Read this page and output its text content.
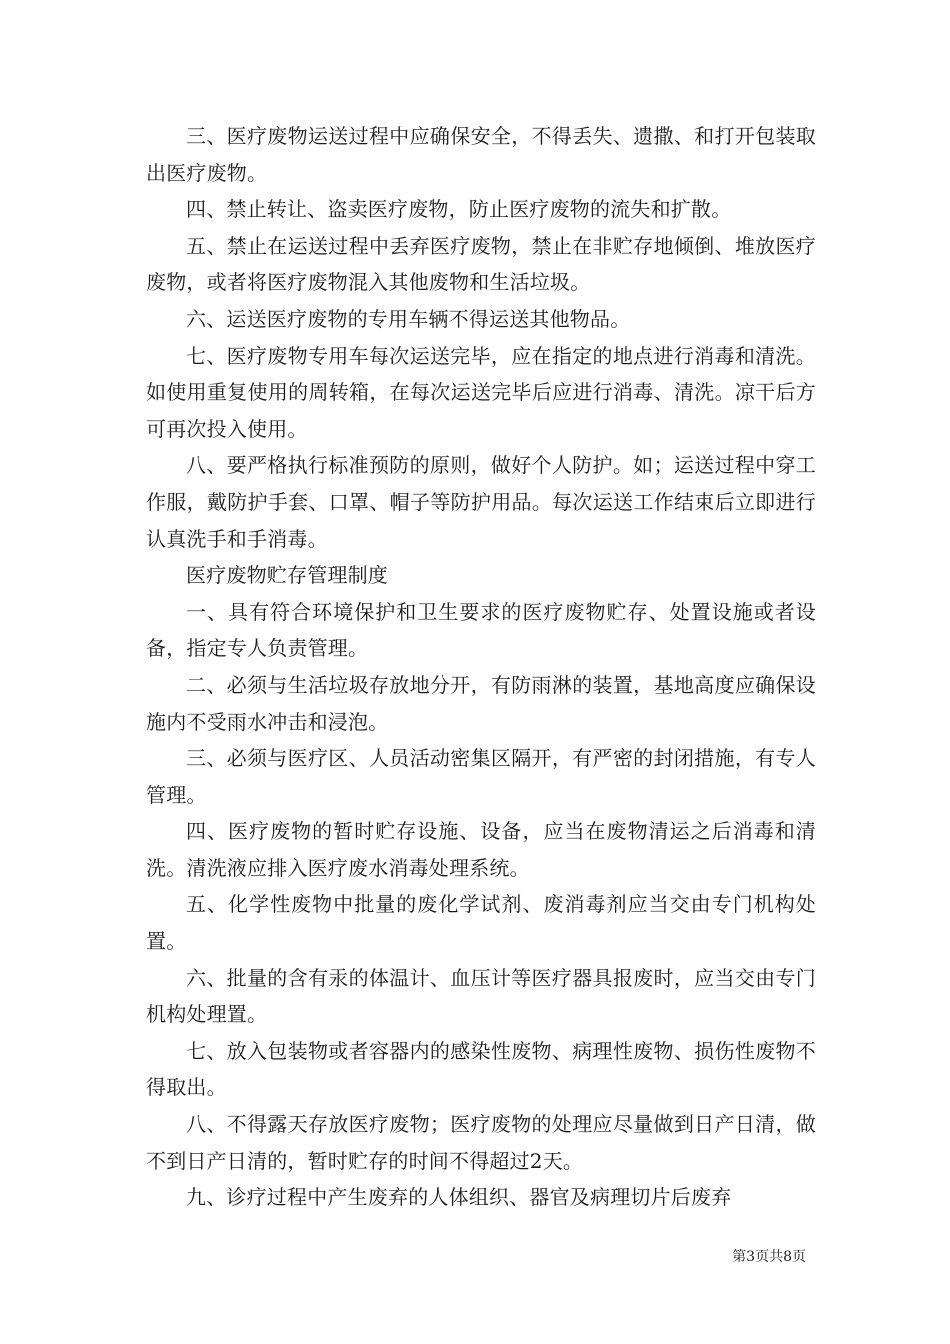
三、医疗废物运送过程中应确保安全，不得丢失、遗撒、和打开包装取出医疗废物。

四、禁止转让、盗卖医疗废物，防止医疗废物的流失和扩散。

五、禁止在运送过程中丢弃医疗废物，禁止在非贮存地倾倒、堆放医疗废物，或者将医疗废物混入其他废物和生活垃圾。

六、运送医疗废物的专用车辆不得运送其他物品。

七、医疗废物专用车每次运送完毕，应在指定的地点进行消毒和清洗。如使用重复使用的周转箱，在每次运送完毕后应进行消毒、清洗。凉干后方可再次投入使用。

八、要严格执行标准预防的原则，做好个人防护。如；运送过程中穿工作服，戴防护手套、口罩、帽子等防护用品。每次运送工作结束后立即进行认真洗手和手消毒。

医疗废物贮存管理制度

一、具有符合环境保护和卫生要求的医疗废物贮存、处置设施或者设备，指定专人负责管理。

二、必须与生活垃圾存放地分开，有防雨淋的装置，基地高度应确保设施内不受雨水冲击和浸泡。

三、必须与医疗区、人员活动密集区隔开，有严密的封闭措施，有专人管理。

四、医疗废物的暂时贮存设施、设备，应当在废物清运之后消毒和清洗。清洗液应排入医疗废水消毒处理系统。

五、化学性废物中批量的废化学试剂、废消毒剂应当交由专门机构处置。

六、批量的含有汞的体温计、血压计等医疗器具报废时，应当交由专门机构处理置。

七、放入包装物或者容器内的感染性废物、病理性废物、损伤性废物不得取出。

八、不得露天存放医疗废物；医疗废物的处理应尽量做到日产日清，做不到日产日清的，暂时贮存的时间不得超过2天。

九、诊疗过程中产生废弃的人体组织、器官及病理切片后废弃

第3页共8页
